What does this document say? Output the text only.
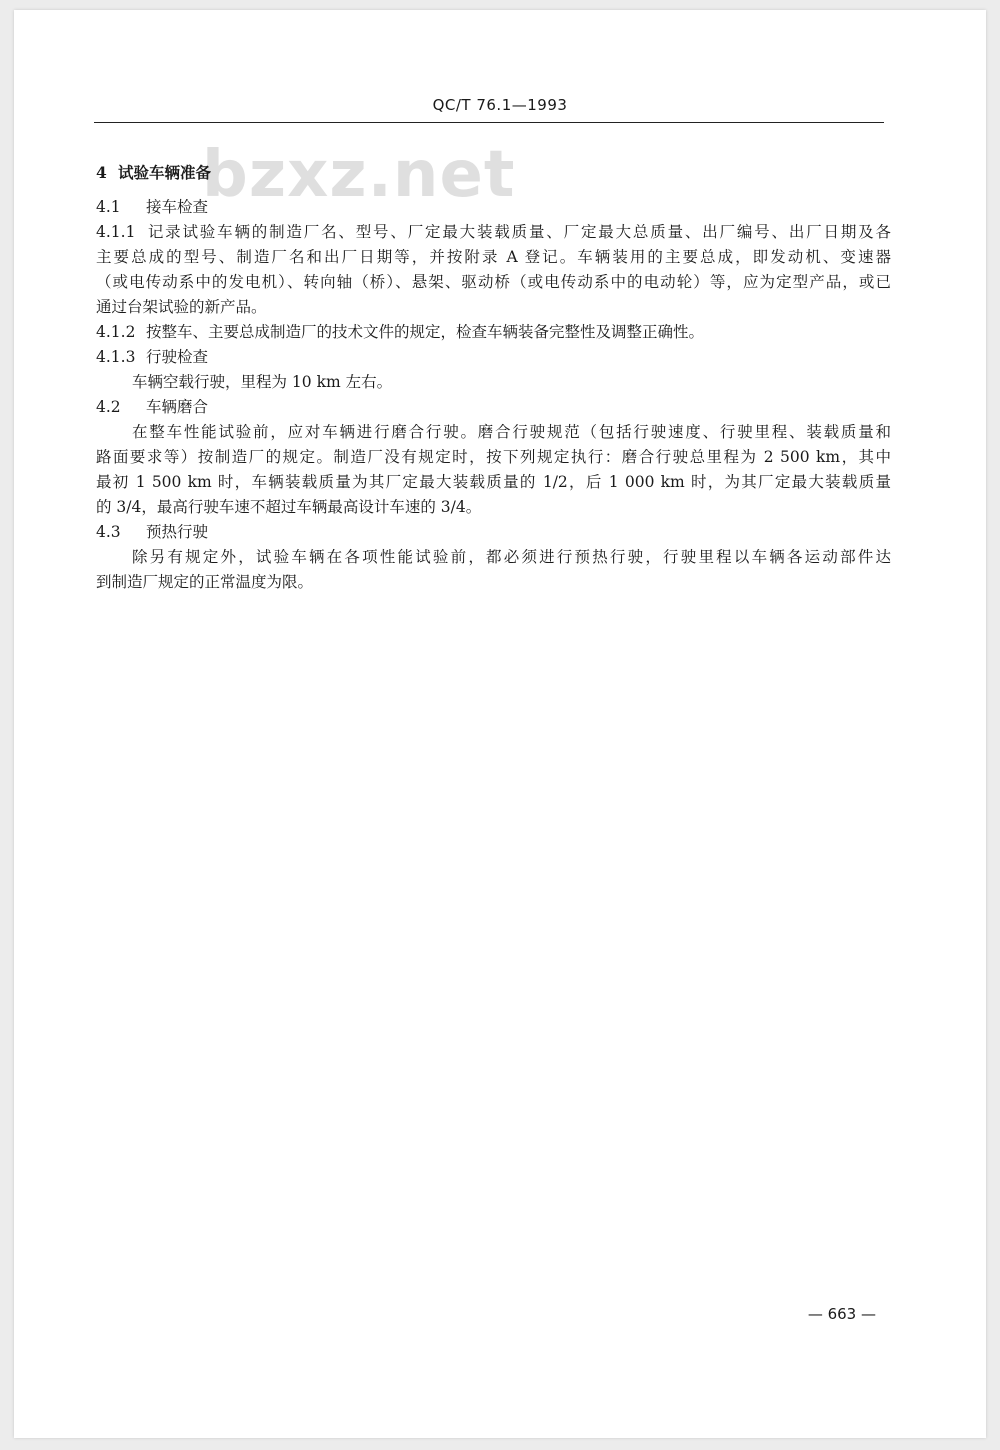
QC/T 76.1—1993
bzxz.net
4 试验车辆准备
4.1 接车检查
4.1.1 记录试验车辆的制造厂名、型号、厂定最大装载质量、厂定最大总质量、出厂编号、出厂日期及各
主要总成的型号、制造厂名和出厂日期等，并按附录 A 登记。车辆装用的主要总成，即发动机、变速器
（或电传动系中的发电机）、转向轴（桥）、悬架、驱动桥（或电传动系中的电动轮）等，应为定型产品，或已
通过台架试验的新产品。
4.1.2 按整车、主要总成制造厂的技术文件的规定，检查车辆装备完整性及调整正确性。
4.1.3 行驶检查
车辆空载行驶，里程为 10 km 左右。
4.2 车辆磨合
在整车性能试验前，应对车辆进行磨合行驶。磨合行驶规范（包括行驶速度、行驶里程、装载质量和
路面要求等）按制造厂的规定。制造厂没有规定时，按下列规定执行：磨合行驶总里程为 2 500 km，其中
最初 1 500 km 时，车辆装载质量为其厂定最大装载质量的 1/2，后 1 000 km 时，为其厂定最大装载质量
的 3/4，最高行驶车速不超过车辆最高设计车速的 3/4。
4.3 预热行驶
除另有规定外，试验车辆在各项性能试验前，都必须进行预热行驶，行驶里程以车辆各运动部件达
到制造厂规定的正常温度为限。
— 663 —
